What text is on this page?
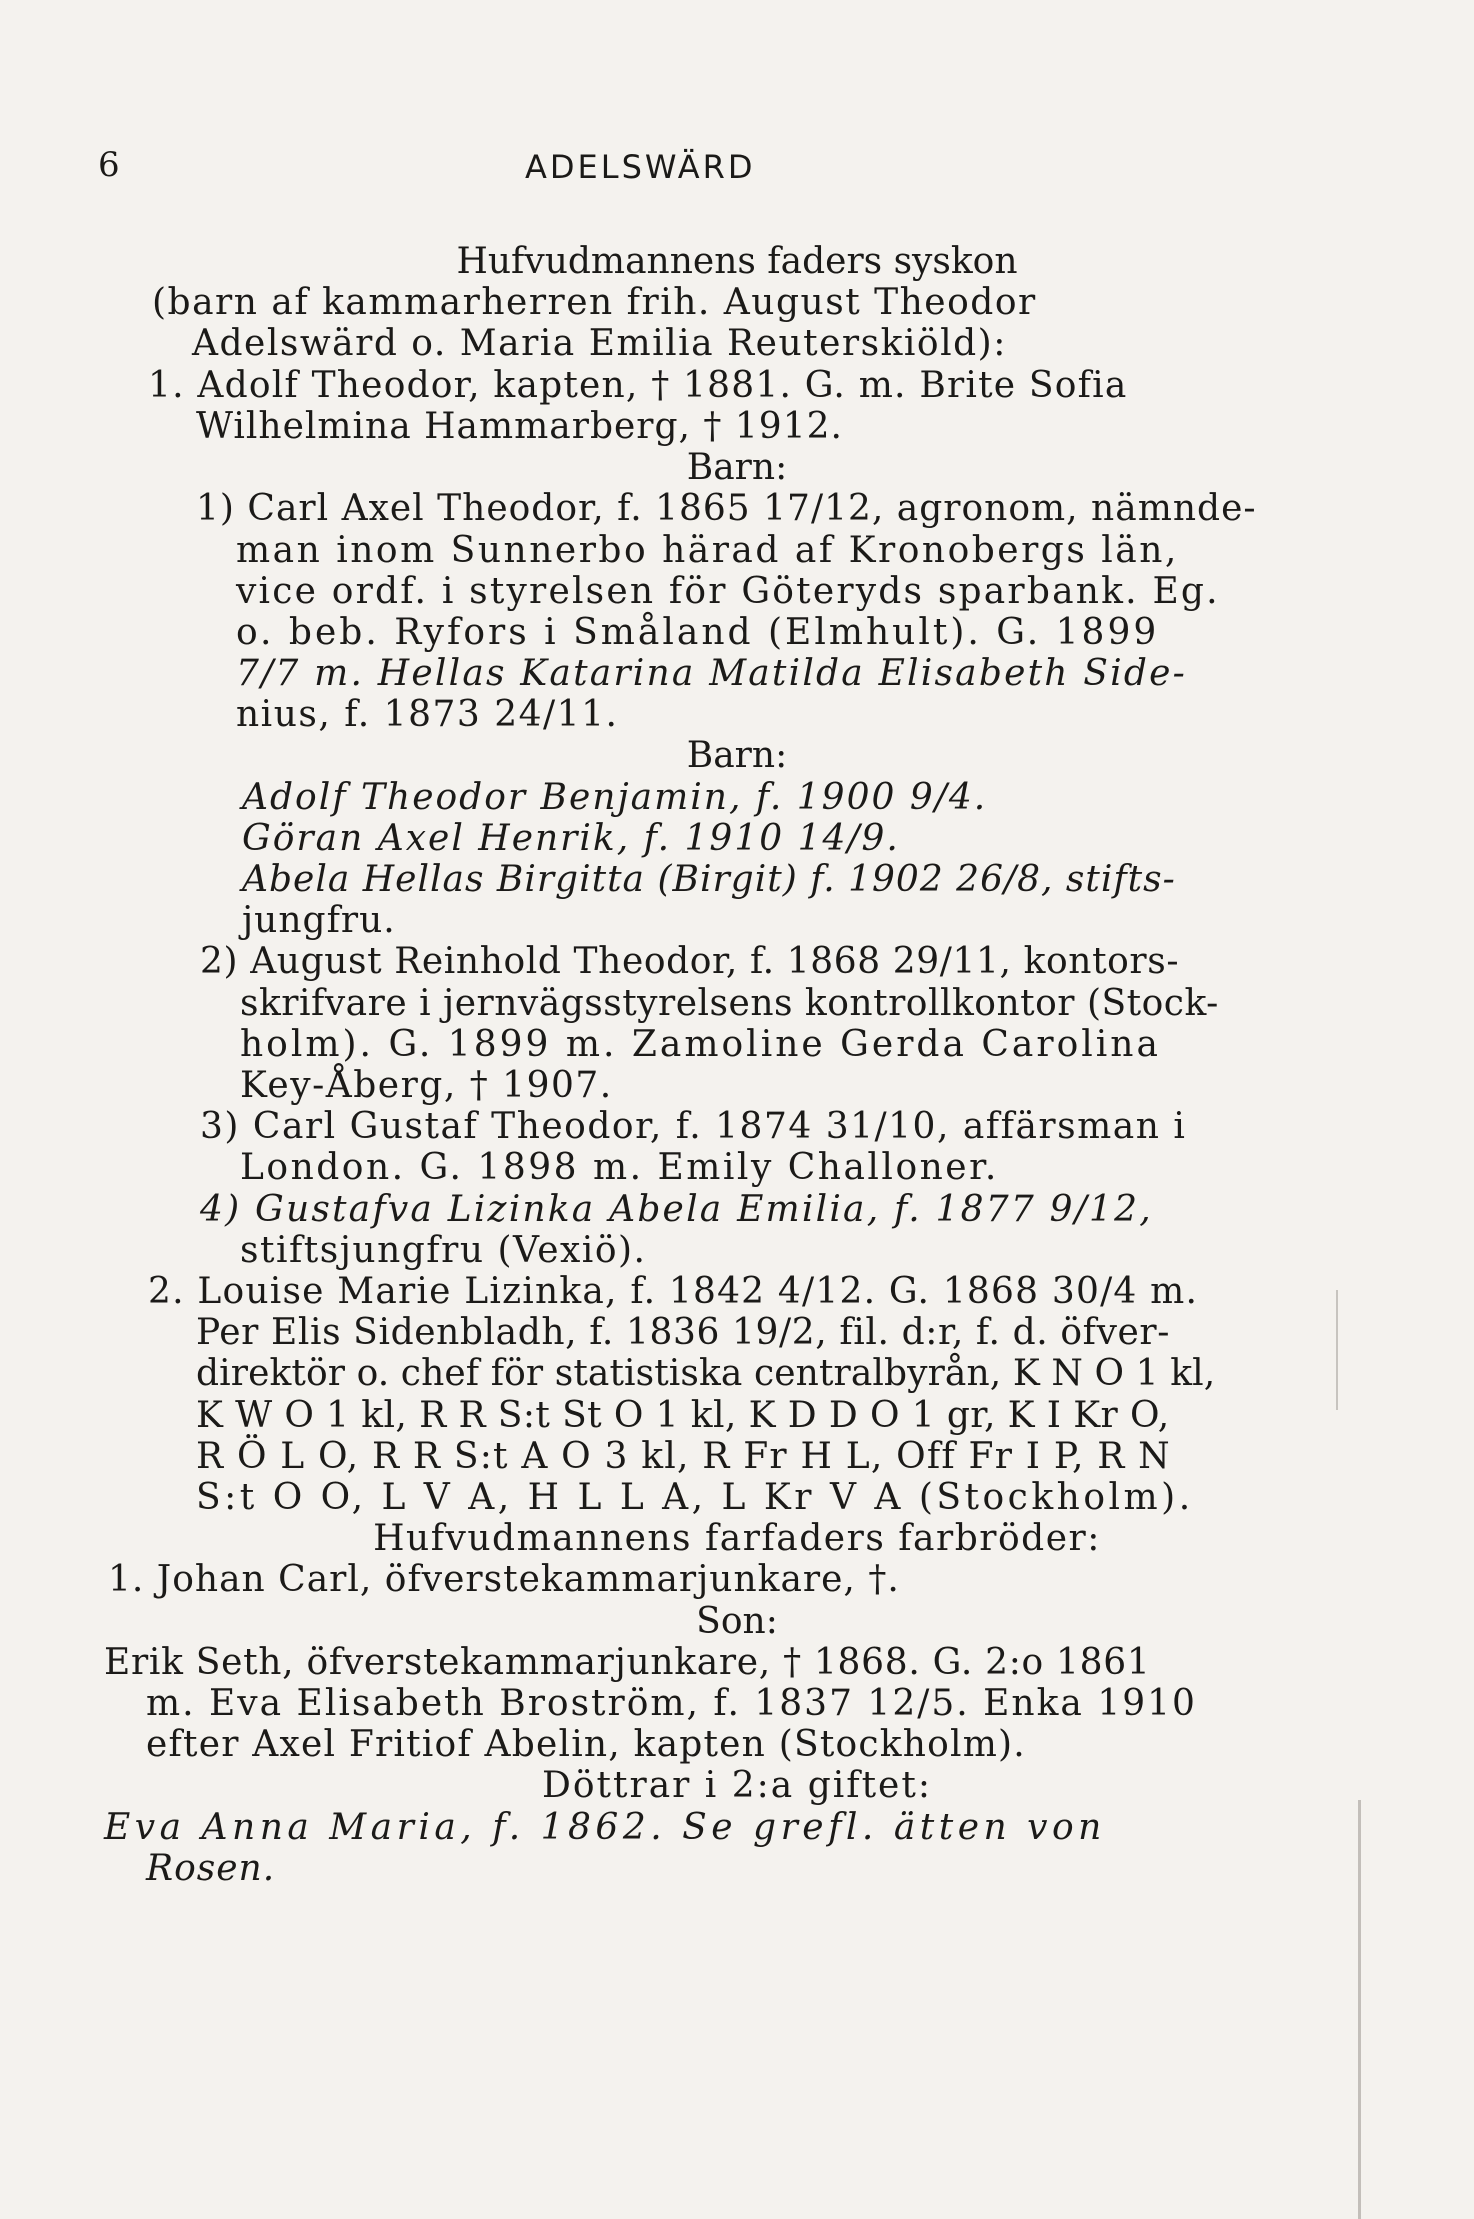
6	ADELSWÄRD
Hufvudmannens faders syskon
(barn af kammarherren frih. August Theodor
Adelswärd o. Maria Emilia Reuterskiöld):
1. Adolf Theodor, kapten, † 1881. G. m. Brite Sofia
Wilhelmina Hammarberg, † 1912.
Barn:
1) Carl Axel Theodor, f. 1865 17/12, agronom, nämnde-
man inom Sunnerbo härad af Kronobergs län,
vice ordf. i styrelsen för Göteryds sparbank. Eg.
o. beb. Ryfors i Småland (Elmhult). G. 1899
7/7 m. Hellas Katarina Matilda Elisabeth Side-
nius, f. 1873 24/11.
Barn:
Adolf Theodor Benjamin, f. 1900 9/4.
Göran Axel Henrik, f. 1910 14/9.
Abela Hellas Birgitta (Birgit) f. 1902 26/8, stifts-
jungfru.
2) August Reinhold Theodor, f. 1868 29/11, kontors-
skrifvare i jernvägsstyrelsens kontrollkontor (Stock-
holm). G. 1899 m. Zamoline Gerda Carolina
Key-Åberg, † 1907.
3) Carl Gustaf Theodor, f. 1874 31/10, affärsman i
London. G. 1898 m. Emily Challoner.
4) Gustafva Lizinka Abela Emilia, f. 1877 9/12,
stiftsjungfru (Vexiö).
2. Louise Marie Lizinka, f. 1842 4/12. G. 1868 30/4 m.
Per Elis Sidenbladh, f. 1836 19/2, fil. d:r, f. d. öfver-
direktör o. chef för statistiska centralbyrån, K N O 1 kl,
K W O 1 kl, R R S:t St O 1 kl, K D D O 1 gr, K I Kr O,
R Ö L O, R R S:t A O 3 kl, R Fr H L, Off Fr I P, R N
S:t O O, L V A, H L L A, L Kr V A (Stockholm).
Hufvudmannens farfaders farbröder:
1. Johan Carl, öfverstekammarjunkare, †.
Son:
Erik Seth, öfverstekammarjunkare, † 1868. G. 2:o 1861
m. Eva Elisabeth Broström, f. 1837 12/5. Enka 1910
efter Axel Fritiof Abelin, kapten (Stockholm).
Döttrar i 2:a giftet:
Eva Anna Maria, f. 1862. Se grefl. ätten von
Rosen.
